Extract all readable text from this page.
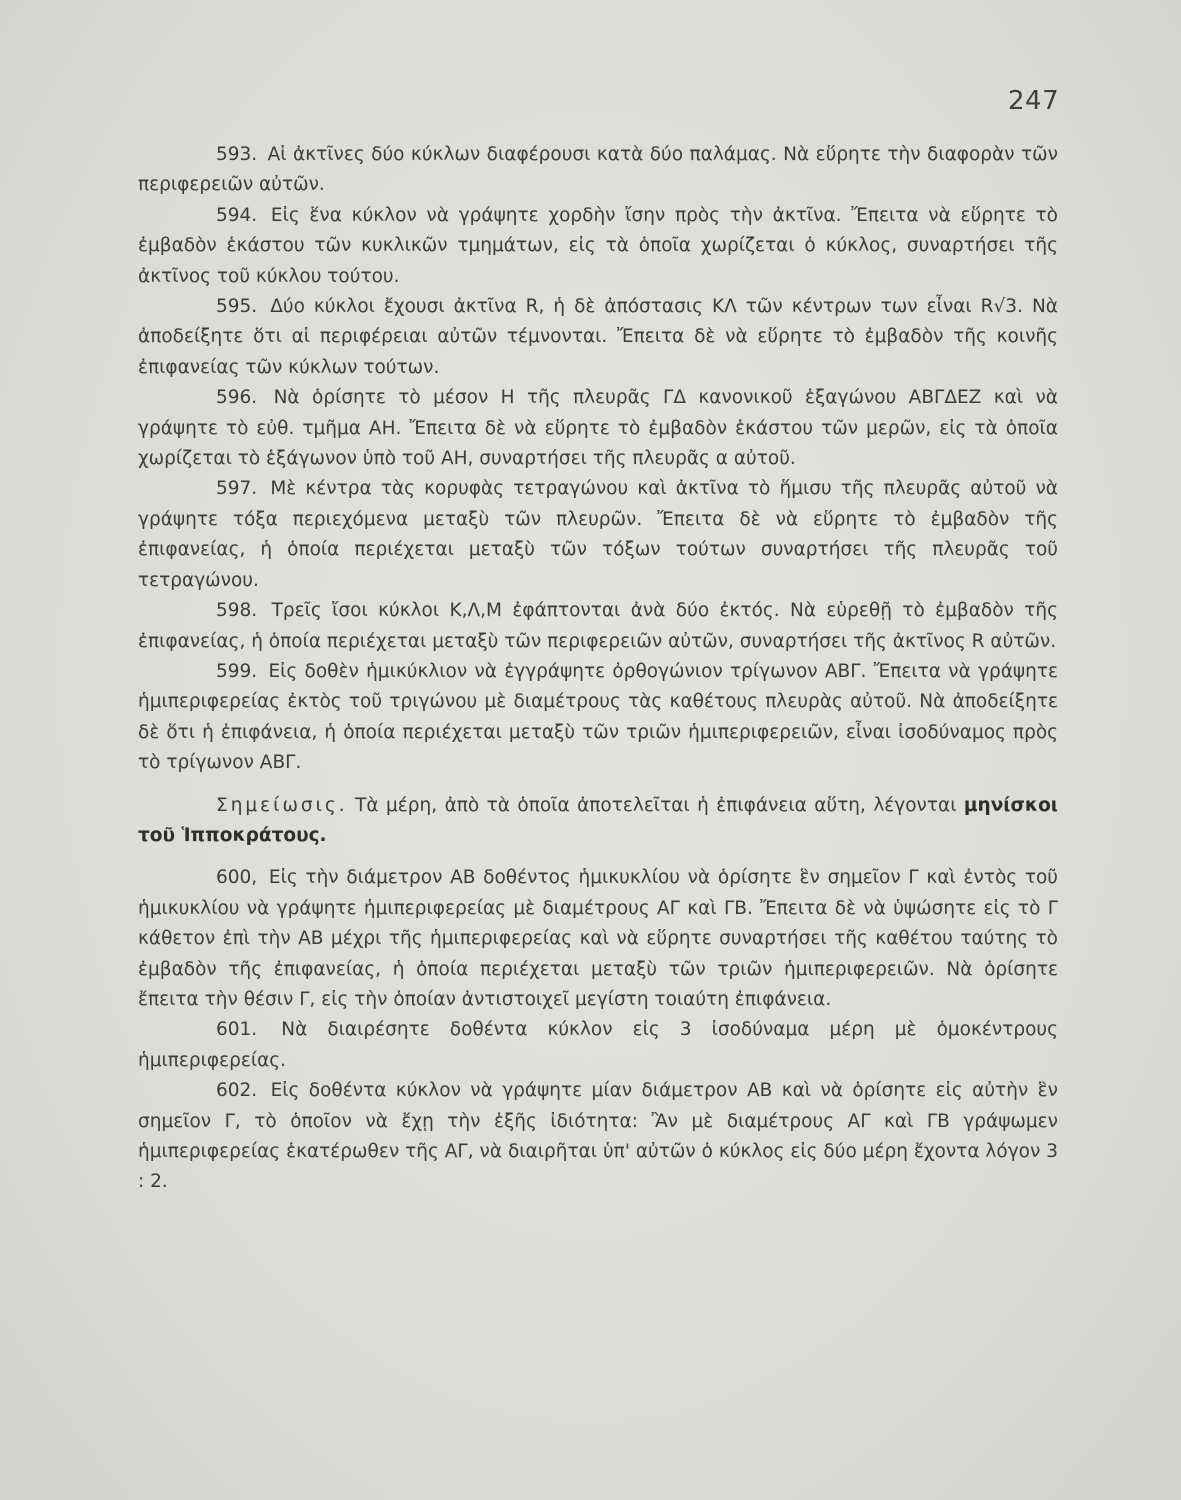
247

593. Αἱ ἀκτῖνες δύο κύκλων διαφέρουσι κατὰ δύο παλάμας. Νὰ εὕρητε τὴν διαφορὰν τῶν περιφερειῶν αὐτῶν.

594. Εἰς ἕνα κύκλον νὰ γράψητε χορδὴν ἴσην πρὸς τὴν ἀκτῖνα. Ἔπειτα νὰ εὕρητε τὸ ἐμβαδὸν ἑκάστου τῶν κυκλικῶν τμημάτων, εἰς τὰ ὁποῖα χωρίζεται ὁ κύκλος, συναρτήσει τῆς ἀκτῖνος τοῦ κύκλου τούτου.

595. Δύο κύκλοι ἔχουσι ἀκτῖνα R, ἡ δὲ ἀπόστασις ΚΛ τῶν κέντρων των εἶναι R√3. Νὰ ἀποδείξητε ὅτι αἱ περιφέρειαι αὐτῶν τέμνονται. Ἔπειτα δὲ νὰ εὕρητε τὸ ἐμβαδὸν τῆς κοινῆς ἐπιφανείας τῶν κύκλων τούτων.

596. Νὰ ὁρίσητε τὸ μέσον Η τῆς πλευρᾶς ΓΔ κανονικοῦ ἑξαγώνου ΑΒΓΔΕΖ καὶ νὰ γράψητε τὸ εὐθ. τμῆμα ΑΗ. Ἔπειτα δὲ νὰ εὕρητε τὸ ἐμβαδὸν ἑκάστου τῶν μερῶν, εἰς τὰ ὁποῖα χωρίζεται τὸ ἑξάγωνον ὑπὸ τοῦ ΑΗ, συναρτήσει τῆς πλευρᾶς α αὐτοῦ.

597. Μὲ κέντρα τὰς κορυφὰς τετραγώνου καὶ ἀκτῖνα τὸ ἥμισυ τῆς πλευρᾶς αὐτοῦ νὰ γράψητε τόξα περιεχόμενα μεταξὺ τῶν πλευρῶν. Ἔπειτα δὲ νὰ εὕρητε τὸ ἐμβαδὸν τῆς ἐπιφανείας, ἡ ὁποία περιέχεται μεταξὺ τῶν τόξων τούτων συναρτήσει τῆς πλευρᾶς τοῦ τετραγώνου.

598. Τρεῖς ἴσοι κύκλοι Κ,Λ,Μ ἐφάπτονται ἀνὰ δύο ἐκτός. Νὰ εὑρεθῇ τὸ ἐμβαδὸν τῆς ἐπιφανείας, ἡ ὁποία περιέχεται μεταξὺ τῶν περιφερειῶν αὐτῶν, συναρτήσει τῆς ἀκτῖνος R αὐτῶν.

599. Εἰς δοθὲν ἡμικύκλιον νὰ ἐγγράψητε ὀρθογώνιον τρίγωνον ΑΒΓ. Ἔπειτα νὰ γράψητε ἡμιπεριφερείας ἐκτὸς τοῦ τριγώνου μὲ διαμέτρους τὰς καθέτους πλευρὰς αὐτοῦ. Νὰ ἀποδείξητε δὲ ὅτι ἡ ἐπιφάνεια, ἡ ὁποία περιέχεται μεταξὺ τῶν τριῶν ἡμιπεριφερειῶν, εἶναι ἰσοδύναμος πρὸς τὸ τρίγωνον ΑΒΓ.

Σημείωσις. Τὰ μέρη, ἀπὸ τὰ ὁποῖα ἀποτελεῖται ἡ ἐπιφάνεια αὕτη, λέγονται μηνίσκοι τοῦ Ἱπποκράτους.

600, Εἰς τὴν διάμετρον ΑΒ δοθέντος ἡμικυκλίου νὰ ὁρίσητε ἓν σημεῖον Γ καὶ ἐντὸς τοῦ ἡμικυκλίου νὰ γράψητε ἡμιπεριφερείας μὲ διαμέτρους ΑΓ καὶ ΓΒ. Ἔπειτα δὲ νὰ ὑψώσητε εἰς τὸ Γ κάθετον ἐπὶ τὴν ΑΒ μέχρι τῆς ἡμιπεριφερείας καὶ νὰ εὕρητε συναρτήσει τῆς καθέτου ταύτης τὸ ἐμβαδὸν τῆς ἐπιφανείας, ἡ ὁποία περιέχεται μεταξὺ τῶν τριῶν ἡμιπεριφερειῶν. Νὰ ὁρίσητε ἔπειτα τὴν θέσιν Γ, εἰς τὴν ὁποίαν ἀντιστοιχεῖ μεγίστη τοιαύτη ἐπιφάνεια.

601. Νὰ διαιρέσητε δοθέντα κύκλον εἰς 3 ἰσοδύναμα μέρη μὲ ὁμοκέντρους ἡμιπεριφερείας.

602. Εἰς δοθέντα κύκλον νὰ γράψητε μίαν διάμετρον ΑΒ καὶ νὰ ὁρίσητε εἰς αὐτὴν ἓν σημεῖον Γ, τὸ ὁποῖον νὰ ἔχῃ τὴν ἑξῆς ἰδιότητα: Ἂν μὲ διαμέτρους ΑΓ καὶ ΓΒ γράψωμεν ἡμιπεριφερείας ἑκατέρωθεν τῆς ΑΓ, νὰ διαιρῆται ὑπ' αὐτῶν ὁ κύκλος εἰς δύο μέρη ἔχοντα λόγον 3 : 2.
